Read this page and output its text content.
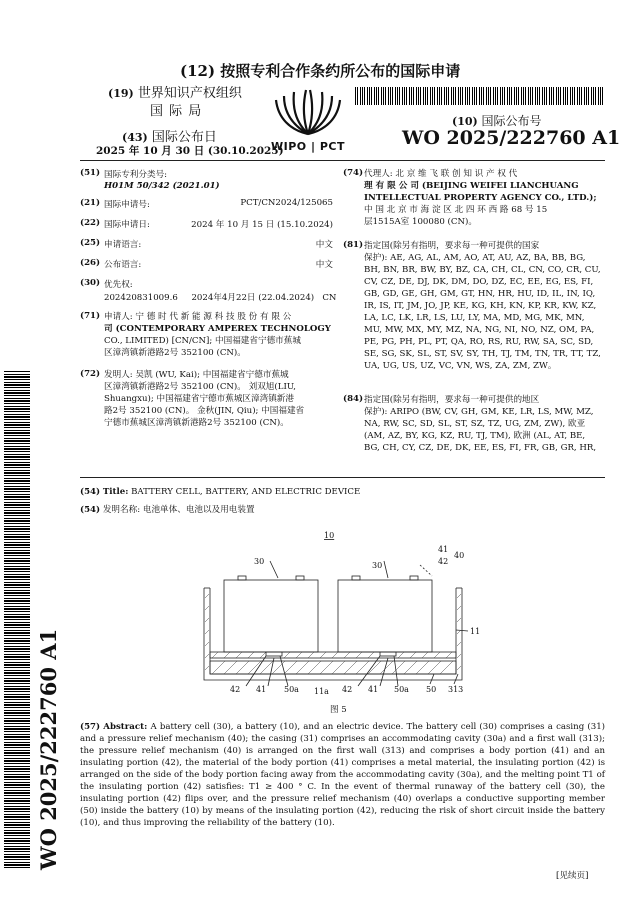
(12) 按照专利合作条约所公布的国际申请
(19) 世界知识产权组织
国 际 局
(43) 国际公布日
2025 年 10 月 30 日 (30.10.2025)
WIPO | PCT
(10) 国际公布号
WO 2025/222760 A1
(51) 国际专利分类号:
H01M 50/342 (2021.01)
(21) 国际申请号:	PCT/CN2024/125065
(22) 国际申请日:	2024 年 10 月 15 日 (15.10.2024)
(25) 申请语言:	中文
(26) 公布语言:	中文
(30) 优先权:
202420831009.6     2024年4月22日 (22.04.2024)   CN
(71) 申请人: 宁 德 时 代 新 能 源 科 技 股 份 有 限 公
司 (CONTEMPORARY AMPEREX TECHNOLOGY
CO., LIMITED) [CN/CN]; 中国福建省宁德市蕉城
区漳湾镇新港路2号 352100 (CN)。
(72) 发明人: 吴凯 (WU, Kai); 中国福建省宁德市蕉城
区漳湾镇新港路2号 352100 (CN)。 刘双旭(LIU,
Shuangxu); 中国福建省宁德市蕉城区漳湾镇新港
路2号 352100 (CN)。 金秋(JIN, Qiu); 中国福建省
宁德市蕉城区漳湾镇新港路2号 352100 (CN)。
(74) 代理人: 北 京 维 飞 联 创 知 识 产 权 代
理 有 限 公 司 (BEIJING WEIFEI LIANCHUANG
INTELLECTUAL PROPERTY AGENCY CO., LTD.);
中 国 北 京 市 海 淀 区 北 四 环 西 路 68 号 15
层1515A室 100080 (CN)。
(81) 指定国(除另有指明，要求每一种可提供的国家
保护): AE, AG, AL, AM, AO, AT, AU, AZ, BA, BB, BG,
BH, BN, BR, BW, BY, BZ, CA, CH, CL, CN, CO, CR, CU,
CV, CZ, DE, DJ, DK, DM, DO, DZ, EC, EE, EG, ES, FI,
GB, GD, GE, GH, GM, GT, HN, HR, HU, ID, IL, IN, IQ,
IR, IS, IT, JM, JO, JP, KE, KG, KH, KN, KP, KR, KW, KZ,
LA, LC, LK, LR, LS, LU, LY, MA, MD, MG, MK, MN,
MU, MW, MX, MY, MZ, NA, NG, NI, NO, NZ, OM, PA,
PE, PG, PH, PL, PT, QA, RO, RS, RU, RW, SA, SC, SD,
SE, SG, SK, SL, ST, SV, SY, TH, TJ, TM, TN, TR, TT, TZ,
UA, UG, US, UZ, VC, VN, WS, ZA, ZM, ZW。
(84) 指定国(除另有指明，要求每一种可提供的地区
保护): ARIPO (BW, CV, GH, GM, KE, LR, LS, MW, MZ,
NA, RW, SC, SD, SL, ST, SZ, TZ, UG, ZM, ZW), 欧亚
(AM, AZ, BY, KG, KZ, RU, TJ, TM), 欧洲 (AL, AT, BE,
BG, CH, CY, CZ, DE, DK, EE, ES, FI, FR, GB, GR, HR,
(54) Title: BATTERY CELL, BATTERY, AND ELECTRIC DEVICE
(54) 发明名称: 电池单体、电池以及用电装置
10
41
42
40
30	30
11
42 41 50a 11a 42 41 50a 50 313
图 5
(57) Abstract: A battery cell (30), a battery (10), and an electric device. The battery cell (30) comprises a casing (31) and a pressure relief mechanism (40); the casing (31) comprises an accommodating cavity (30a) and a first wall (313); the pressure relief mechanism (40) is arranged on the first wall (313) and comprises a body portion (41) and an insulating portion (42), the material of the body portion (41) comprises a metal material, the insulating portion (42) is arranged on the side of the body portion facing away from the accommodating cavity (30a), and the melting point T1 of the insulating portion (42) satisfies: T1 ≥ 400 ° C. In the event of thermal runaway of the battery cell (30), the insulating portion (42) flips over, and the pressure relief mechanism (40) overlaps a conductive supporting member (50) inside the battery (10) by means of the insulating portion (42), reducing the risk of short circuit inside the battery (10), and thus improving the reliability of the battery (10).
WO 2025/222760 A1
[见续页]
